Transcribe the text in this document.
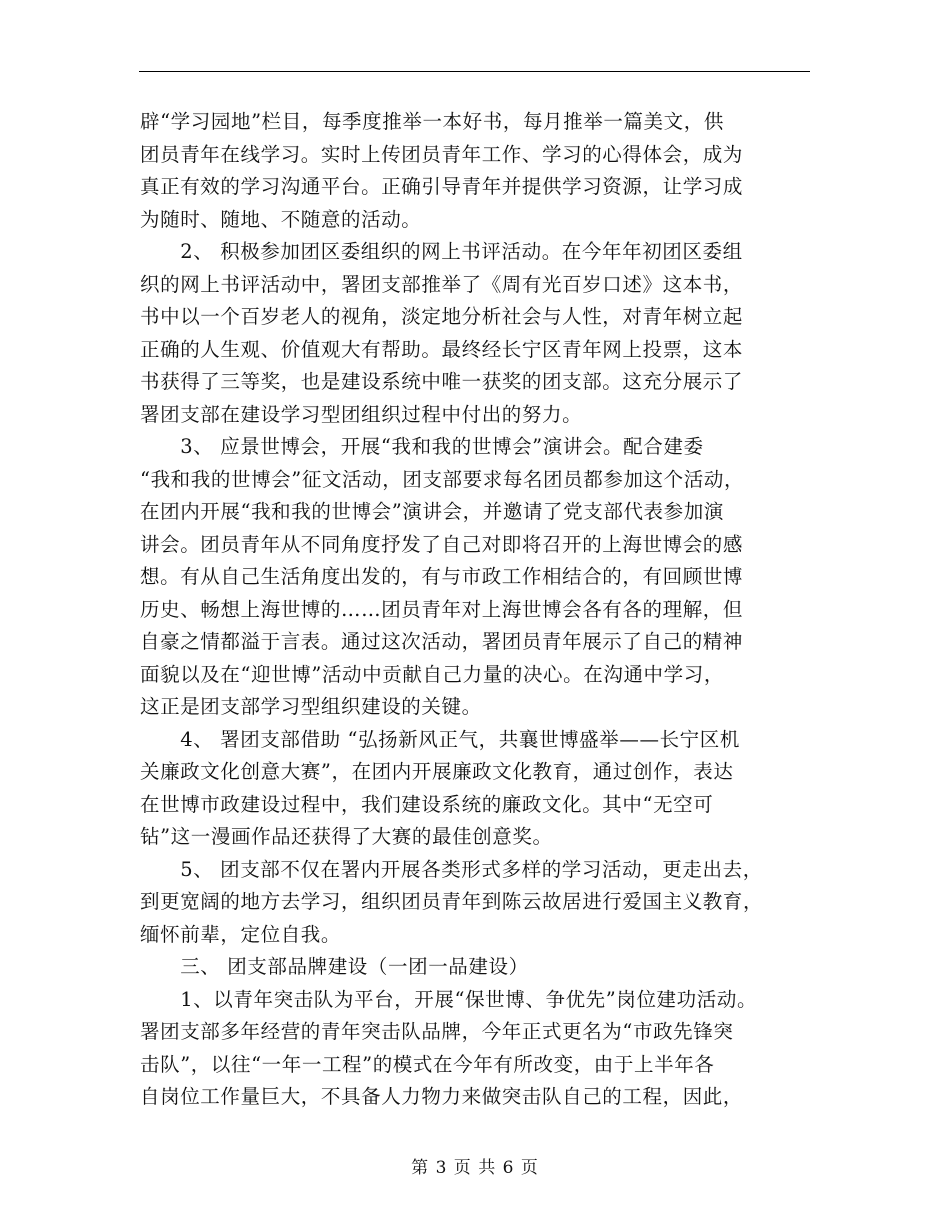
辟“学习园地”栏目，每季度推举一本好书，每月推举一篇美文，供
团员青年在线学习。实时上传团员青年工作、学习的心得体会，成为
真正有效的学习沟通平台。正确引导青年并提供学习资源，让学习成
为随时、随地、不随意的活动。
　　2、 积极参加团区委组织的网上书评活动。在今年年初团区委组
织的网上书评活动中，署团支部推举了《周有光百岁口述》这本书，
书中以一个百岁老人的视角，淡定地分析社会与人性，对青年树立起
正确的人生观、价值观大有帮助。最终经长宁区青年网上投票，这本
书获得了三等奖，也是建设系统中唯一获奖的团支部。这充分展示了
署团支部在建设学习型团组织过程中付出的努力。
　　3、 应景世博会，开展“我和我的世博会”演讲会。配合建委
“我和我的世博会”征文活动，团支部要求每名团员都参加这个活动，
在团内开展“我和我的世博会”演讲会，并邀请了党支部代表参加演
讲会。团员青年从不同角度抒发了自己对即将召开的上海世博会的感
想。有从自己生活角度出发的，有与市政工作相结合的，有回顾世博
历史、畅想上海世博的……团员青年对上海世博会各有各的理解，但
自豪之情都溢于言表。通过这次活动，署团员青年展示了自己的精神
面貌以及在“迎世博”活动中贡献自己力量的决心。在沟通中学习，
这正是团支部学习型组织建设的关键。
　　4、 署团支部借助 “弘扬新风正气，共襄世博盛举——长宁区机
关廉政文化创意大赛”，在团内开展廉政文化教育，通过创作，表达
在世博市政建设过程中，我们建设系统的廉政文化。其中“无空可
钻”这一漫画作品还获得了大赛的最佳创意奖。
　　5、 团支部不仅在署内开展各类形式多样的学习活动，更走出去，
到更宽阔的地方去学习，组织团员青年到陈云故居进行爱国主义教育，
缅怀前辈，定位自我。
　　三、 团支部品牌建设（一团一品建设）
　　1、以青年突击队为平台，开展“保世博、争优先”岗位建功活动。
署团支部多年经营的青年突击队品牌，今年正式更名为“市政先锋突
击队”，以往“一年一工程”的模式在今年有所改变，由于上半年各
自岗位工作量巨大，不具备人力物力来做突击队自己的工程，因此，
第 3 页 共 6 页
